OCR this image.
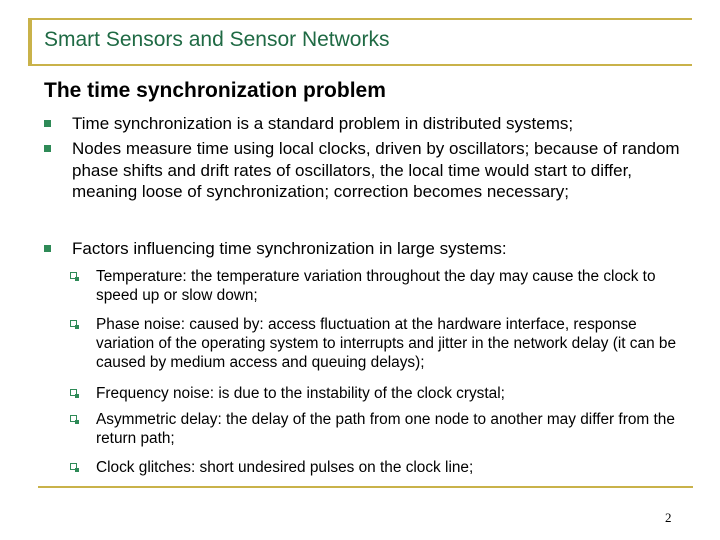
Smart Sensors and Sensor Networks
The time synchronization problem
Time synchronization is a standard problem in distributed systems;
Nodes measure time using local clocks, driven by oscillators; because of random phase shifts and drift rates of oscillators, the local time would start to differ, meaning loose of synchronization; correction becomes necessary;
Factors influencing time synchronization in large systems:
Temperature: the temperature variation throughout the day may cause the clock to speed up or slow down;
Phase noise: caused by: access fluctuation at the hardware interface, response variation of the operating system to interrupts and jitter in the network delay (it can be caused by medium access and queuing delays);
Frequency noise: is due to the instability of the clock crystal;
Asymmetric delay: the delay of the path from one node to another may differ from the return path;
Clock glitches: short undesired pulses on the clock line;
2
